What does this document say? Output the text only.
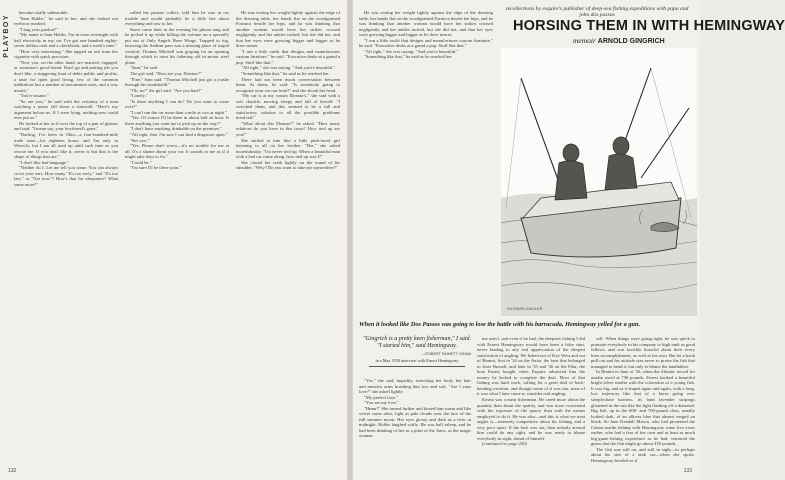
PLAYBOY

become totally unbearable.

"Sam Hobbs," he said to her, and she looked out eyebrow marked.

"I hug your pardon?"

"My name is Sam Hobbs. I'm in town overnight with half electricity in my car. I've got one hundred eighty-seven dollars cash and a checkbook, and a week's time."

"How very interesting." She tapped an ash from her cigarette with quick precision.

"Now you, on the other hand, are married, engaged, or someone's good friend. Don't go and parting job you don't like, a staggering load of debts public and profits, a taste for quiet good living, few of the common inhibitions but a number of uncommon ones, and a way mouth."

"You're insane."

"So are you," he said with the certainty of a man watching a piano fall down a stairwell. "Here's my argument before us. If I were lying, nothing now could ever put us."

He looked at her as if over the top of a pair of glasses and said: "I mean say, your boyfriend's gone."

"Darling, I've been in Ohio—a four-hundred-mile trade zone—for eighteen hours, and I'm only in Waverly, but I am all used up until such time as you rescue me. If you don't like it, never is but that is the shape of things that are."

"I don't like bad language."

"Neither do I. Let me tell you some. You can always cover your ears. How many "It's too early," and "It's too late," or "Not now"? How's that for eloquence? What some more?"

called his partner collect, told him he was in car trouble and would probably be a little late about everything and saw to her.

Snow came later in the evening his phone rang and he picked it up while killing the volume on a specially put out of Only Angels Have Wings. Trapped in fog, knowing the Andean pass was a missing place of stupid comfort, Thomas Mitchell was groping for an opening through which to raise his faltering old tri-motor steel plane.

"Sam," he said.

The girl said, "How are you, Eleanor?"

"Fine," Sam said. "Thomas Mitchell just got a crashe through his windshield."

"Oh, no!" the girl said. "Are you hurt?"

"Lonely."

"Is there anything I can do? Do you want to come over?"

"I can't run the car more than a mile or two at night."

"Yes. Of course I'll be there in about half an hour. Is there anything you want me to pick up on the way?"

"I don't have anything drinkable on the premises."

"All right, fine. I'm sure I can find a drugstore open."

"See you."

"Yes. Please don't worry—it's no trouble for me at all. It's a shame about your car. It sounds to me as if it might take days to fix."

"Could be."

"I'm sure I'll be there soon."

He was resting her weight lightly against the edge of the dressing table, her hands flat on the woodgrained Formica beside her hips, and he was thinking that another woman would have her strikes crossed negligently and her ankles tucked, but she did not, and that her eyes were growing bigger and bigger as he drew nearer.

"I run a little outfit that designs and manufactures custom furniture," he said. "Executive desks at a grand a pop. Stuff like that."

"All right," she was saying. "And you're beautiful."

"Something like that," he said as he reached her.

There had not been much conversation between them. At dawn, he said: "Is somebody going to recognize your car out front?" and she shook her head.

"My car is at my cousin Eleanor's," she said with a soft chuckle, moving sleepy and full of herself. "I switched them, and this seemed to be a full and satisfactory solution to all the possible problems involved."

"What about this Eleanor?" he asked. "How many relatives do you have in this town? How tied up are you?"

She smiled at him like a little pink-faced girl listening to all on her brother. "Her," she asked incredulously. "I'm never tied up. When a beautiful man with a bad car came along, how tied up was I?"

She closed her teeth lightly on the round of his shoulder. "Why? Do you want to take me somewhere?"

132

He was resting her weight lightly against the edge of the dressing table, her hands flat on the woodgrained Formica beside her hips, and he was thinking that another woman would have her strikes crossed negligently and her ankles tucked, but she did not, and that her eyes were growing bigger and bigger as he drew nearer.

"I run a little outfit that designs and manufactures custom furniture," he said. "Executive desks at a grand a pop. Stuff like that."

"All right," she was saying. "And you're beautiful."

"Something like that," he said as he reached her.

recollections by esquire's publisher of deep-sea fishing expeditions with papa and john dos passos
HORSING THEM IN WITH HEMINGWAY
memoir ARNOLD GINGRICH
RICHARD AMSLER
When it looked like Dos Passos was going to lose the battle with his barracuda, Hemingway yelled for a gun.
"Gingrich is a pretty keen fisherman," I said. "I started him," said Hemingway.
—ROBERT EMMETT GINNA
in a May 1958 interview with Ernest Hemingway

"Yes," she said, impishly, stretching her body, her hair and muscles arms brushing him low and soft. "Are I your love?" she asked lightly.

"My perfect love."

"You are my love."

"Hmm?" She turned further and kissed him warm and like velvet come alive, light as pale clouds over the face of the full summer moon. Her eyes glossy and dark as a river at midnight. Hobbs laughed softly. He was half asleep, and he had been thinking of her as a print of the Jarez, as the magic woman.

me uses't, and even if he had, the deepsets fishing I did with Ernest Hemingway would have been a false start, never leading to any real appreciation of the deepest satisfaction of angling. We fished out of Key West and out of Bimini, first in '34 on the Anita, the boat that belonged to Josie Russell, and later in '35 and '36 on the Pilar, the boat Ernest bought when Esquire advanced him the money he lacked to complete the deal. Most of that fishing was hard work, calling for a great deal of back-bending exertion, and though some of it was fun, none of it was what I later came to consider real angling.

Ernest was a meat fisherman. He cared more about the quantity than about the quality, and was more concerned with the exposure of the quarry than with the means employed to do it. He was also—and this is what we treat angler is—intensely competitive about his fishing, and a very poor sport. If the luck was out, then nobody around him could do any right, and he was ready to blame everybody in sight, ahead of himself.

(continued on page 256)

self. When things were going right, he was quick to promote everybody in his company to high rank as good fellows, and was lavishly boastful about their every least accomplishment, as well as his own. But let a hook pull out and his attitude was never to praise the fish that managed to bend it, but only to blame the landlubber.

In Bimini in June of '36, when the Atlantic record for marlin stood at 736 pounds, Ernest hooked a beautiful bright silver marlin with the coloration of a young fish. It was big, and as it leaped again and again, with a long, low trajectory like that of a horse going over steeplechase barriers, its faint lavender stripings glistened in the sun like the light flashing off a diamond. Big fish, up in the 600- and 700-pound class, usually looked dark, of an allover blue that almost verged on black. So Jane Kendall Mason, who had pioneered the Cuban marlin fishing with Hemingway some five years earlier, who had a fear of her own and at least as much big-game-fishing experience as he had, ventured the guess that the fish might go about 450 pounds.

The fish was still on, and still in sight—to perhaps about the size of a tank car—when she spoke. Hemingway bristled as if

133
